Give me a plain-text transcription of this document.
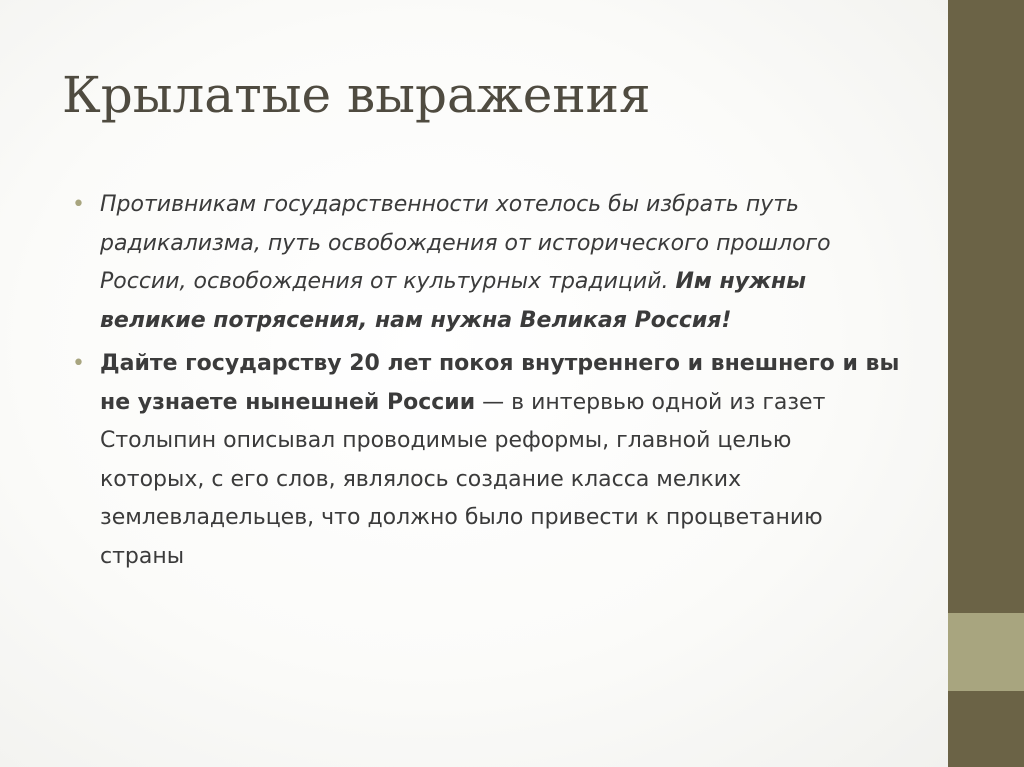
Крылатые выражения
• Противникам государственности хотелось бы избрать путь радикализма, путь освобождения от исторического прошлого России, освобождения от культурных традиций. Им нужны великие потрясения, нам нужна Великая Россия!
• Дайте государству 20 лет покоя внутреннего и внешнего и вы не узнаете нынешней России — в интервью одной из газет Столыпин описывал проводимые реформы, главной целью которых, с его слов, являлось создание класса мелких землевладельцев, что должно было привести к процветанию страны
